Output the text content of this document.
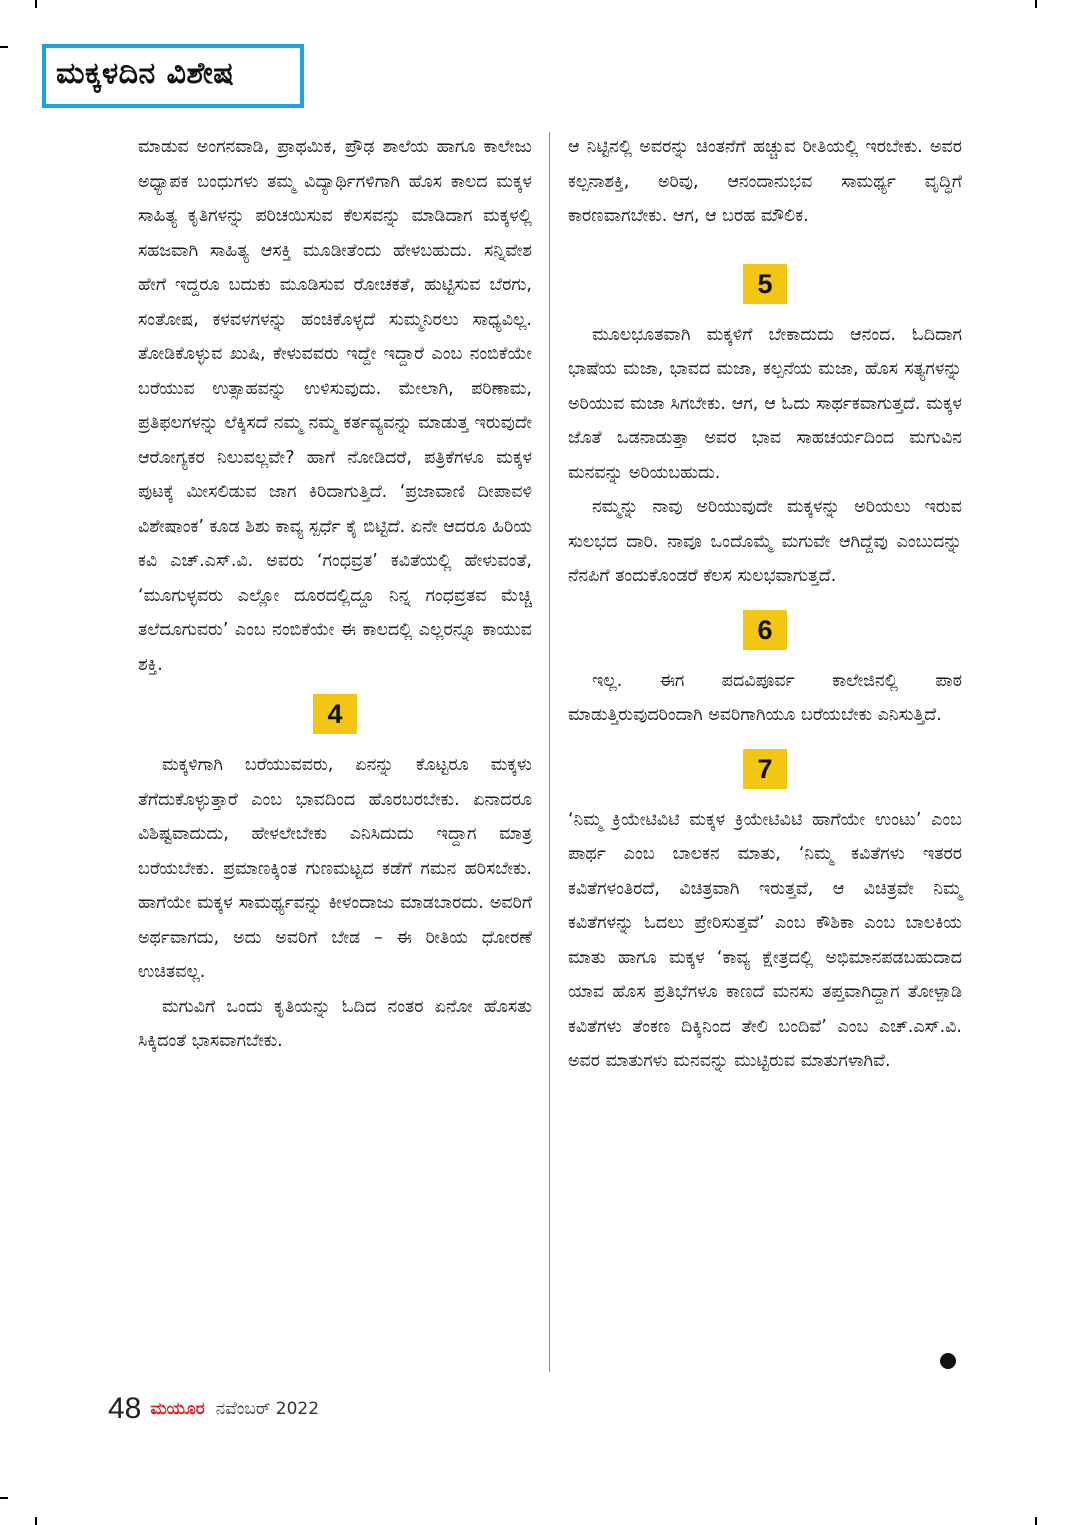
ಮಕ್ಕಳದಿನ ವಿಶೇಷ

ಮಾಡುವ ಅಂಗನವಾಡಿ, ಪ್ರಾಥಮಿಕ, ಪ್ರೌಢ ಶಾಲೆಯ ಹಾಗೂ ಕಾಲೇಜು ಅಧ್ಯಾಪಕ ಬಂಧುಗಳು ತಮ್ಮ ವಿದ್ಯಾರ್ಥಿಗಳಿಗಾಗಿ ಹೊಸ ಕಾಲದ ಮಕ್ಕಳ ಸಾಹಿತ್ಯ ಕೃತಿಗಳನ್ನು ಪರಿಚಯಿಸುವ ಕೆಲಸವನ್ನು ಮಾಡಿದಾಗ ಮಕ್ಕಳಲ್ಲಿ ಸಹಜವಾಗಿ ಸಾಹಿತ್ಯ ಆಸಕ್ತಿ ಮೂಡೀತೆಂದು ಹೇಳಬಹುದು. ಸನ್ನಿವೇಶ ಹೇಗೆ ಇದ್ದರೂ ಬದುಕು ಮೂಡಿಸುವ ರೋಚಕತೆ, ಹುಟ್ಟಿಸುವ ಬೆರಗು, ಸಂತೋಷ, ಕಳವಳಗಳನ್ನು ಹಂಚಿಕೊಳ್ಳದೆ ಸುಮ್ಮನಿರಲು ಸಾಧ್ಯವಿಲ್ಲ. ತೋಡಿಕೊಳ್ಳುವ ಖುಷಿ, ಕೇಳುವವರು ಇದ್ದೇ ಇದ್ದಾರೆ ಎಂಬ ನಂಬಿಕೆಯೇ ಬರೆಯುವ ಉತ್ಸಾಹವನ್ನು ಉಳಿಸುವುದು. ಮೇಲಾಗಿ, ಪರಿಣಾಮ, ಪ್ರತಿಫಲಗಳನ್ನು ಲೆಕ್ಕಿಸದೆ ನಮ್ಮ ನಮ್ಮ ಕರ್ತವ್ಯವನ್ನು ಮಾಡುತ್ತ ಇರುವುದೇ ಆರೋಗ್ಯಕರ ನಿಲುವಲ್ಲವೇ? ಹಾಗೆ ನೋಡಿದರೆ, ಪತ್ರಿಕೆಗಳೂ ಮಕ್ಕಳ ಪುಟಕ್ಕೆ ಮೀಸಲಿಡುವ ಜಾಗ ಕಿರಿದಾಗುತ್ತಿದೆ. ‘ಪ್ರಜಾವಾಣಿ ದೀಪಾವಳಿ ವಿಶೇಷಾಂಕ’ ಕೂಡ ಶಿಶು ಕಾವ್ಯ ಸ್ಪರ್ಧೆ ಕೈ ಬಿಟ್ಟಿದೆ. ಏನೇ ಆದರೂ ಹಿರಿಯ ಕವಿ ಎಚ್.ಎಸ್.ವಿ. ಅವರು ‘ಗಂಧವ್ರತ’ ಕವಿತೆಯಲ್ಲಿ ಹೇಳುವಂತೆ, ‘ಮೂಗುಳ್ಳವರು ಎಲ್ಲೋ ದೂರದಲ್ಲಿದ್ದೂ ನಿನ್ನ ಗಂಧವ್ರತವ ಮೆಚ್ಚಿ ತಲೆದೂಗುವರು’ ಎಂಬ ನಂಬಿಕೆಯೇ ಈ ಕಾಲದಲ್ಲಿ ಎಲ್ಲರನ್ನೂ ಕಾಯುವ ಶಕ್ತಿ.

4

ಮಕ್ಕಳಿಗಾಗಿ ಬರೆಯುವವರು, ಏನನ್ನು ಕೊಟ್ಟರೂ ಮಕ್ಕಳು ತೆಗೆದುಕೊಳ್ಳುತ್ತಾರೆ ಎಂಬ ಭಾವದಿಂದ ಹೊರಬರಬೇಕು. ಏನಾದರೂ ವಿಶಿಷ್ಟವಾದುದು, ಹೇಳಲೇಬೇಕು ಎನಿಸಿದುದು ಇದ್ದಾಗ ಮಾತ್ರ ಬರೆಯಬೇಕು. ಪ್ರಮಾಣಕ್ಕಿಂತ ಗುಣಮಟ್ಟದ ಕಡೆಗೆ ಗಮನ ಹರಿಸಬೇಕು. ಹಾಗೆಯೇ ಮಕ್ಕಳ ಸಾಮರ್ಥ್ಯವನ್ನು ಕೀಳಂದಾಜು ಮಾಡಬಾರದು. ಅವರಿಗೆ ಅರ್ಥವಾಗದು, ಅದು ಅವರಿಗೆ ಬೇಡ – ಈ ರೀತಿಯ ಧೋರಣೆ ಉಚಿತವಲ್ಲ.

ಮಗುವಿಗೆ ಒಂದು ಕೃತಿಯನ್ನು ಓದಿದ ನಂತರ ಏನೋ ಹೊಸತು ಸಿಕ್ಕಿದಂತೆ ಭಾಸವಾಗಬೇಕು.

ಆ ನಿಟ್ಟಿನಲ್ಲಿ ಅವರನ್ನು ಚಿಂತನೆಗೆ ಹಚ್ಚುವ ರೀತಿಯಲ್ಲಿ ಇರಬೇಕು. ಅವರ ಕಲ್ಪನಾಶಕ್ತಿ, ಅರಿವು, ಆನಂದಾನುಭವ ಸಾಮರ್ಥ್ಯ ವೃದ್ಧಿಗೆ ಕಾರಣವಾಗಬೇಕು. ಆಗ, ಆ ಬರಹ ಮೌಲಿಕ.

5

ಮೂಲಭೂತವಾಗಿ ಮಕ್ಕಳಿಗೆ ಬೇಕಾದುದು ಆನಂದ. ಓದಿದಾಗ ಭಾಷೆಯ ಮಜಾ, ಭಾವದ ಮಜಾ, ಕಲ್ಪನೆಯ ಮಜಾ, ಹೊಸ ಸತ್ಯಗಳನ್ನು ಅರಿಯುವ ಮಜಾ ಸಿಗಬೇಕು. ಆಗ, ಆ ಓದು ಸಾರ್ಥಕವಾಗುತ್ತದೆ. ಮಕ್ಕಳ ಜೊತೆ ಒಡನಾಡುತ್ತಾ ಅವರ ಭಾವ ಸಾಹಚರ್ಯದಿಂದ ಮಗುವಿನ ಮನವನ್ನು ಅರಿಯಬಹುದು.

ನಮ್ಮನ್ನು ನಾವು ಅರಿಯುವುದೇ ಮಕ್ಕಳನ್ನು ಅರಿಯಲು ಇರುವ ಸುಲಭದ ದಾರಿ. ನಾವೂ ಒಂದೊಮ್ಮೆ ಮಗುವೇ ಆಗಿದ್ದೆವು ಎಂಬುದನ್ನು ನೆನಪಿಗೆ ತಂದುಕೊಂಡರೆ ಕೆಲಸ ಸುಲಭವಾಗುತ್ತದೆ.

6

ಇಲ್ಲ. ಈಗ ಪದವಿಪೂರ್ವ ಕಾಲೇಜಿನಲ್ಲಿ ಪಾಠ ಮಾಡುತ್ತಿರುವುದರಿಂದಾಗಿ ಅವರಿಗಾಗಿಯೂ ಬರೆಯಬೇಕು ಎನಿಸುತ್ತಿದೆ.

7

‘ನಿಮ್ಮ ಕ್ರಿಯೇಟಿವಿಟಿ ಮಕ್ಕಳ ಕ್ರಿಯೇಟಿವಿಟಿ ಹಾಗೆಯೇ ಉಂಟು’ ಎಂಬ ಪಾರ್ಥ ಎಂಬ ಬಾಲಕನ ಮಾತು, ‘ನಿಮ್ಮ ಕವಿತೆಗಳು ಇತರರ ಕವಿತೆಗಳಂತಿರದೆ, ವಿಚಿತ್ರವಾಗಿ ಇರುತ್ತವೆ, ಆ ವಿಚಿತ್ರವೇ ನಿಮ್ಮ ಕವಿತೆಗಳನ್ನು ಓದಲು ಪ್ರೇರಿಸುತ್ತವೆ’ ಎಂಬ ಕೌಶಿಕಾ ಎಂಬ ಬಾಲಕಿಯ ಮಾತು ಹಾಗೂ ಮಕ್ಕಳ ‘ಕಾವ್ಯ ಕ್ಷೇತ್ರದಲ್ಲಿ ಅಭಿಮಾನಪಡಬಹುದಾದ ಯಾವ ಹೊಸ ಪ್ರತಿಭೆಗಳೂ ಕಾಣದೆ ಮನಸು ತಪ್ತವಾಗಿದ್ದಾಗ ತೋಳ್ಪಾಡಿ ಕವಿತೆಗಳು ತೆಂಕಣ ದಿಕ್ಕಿನಿಂದ ತೇಲಿ ಬಂದಿವೆ’ ಎಂಬ ಎಚ್.ಎಸ್.ವಿ. ಅವರ ಮಾತುಗಳು ಮನವನ್ನು ಮುಟ್ಟಿರುವ ಮಾತುಗಳಾಗಿವೆ.

48 ಮಯೂರ ನವೆಂಬರ್ 2022
